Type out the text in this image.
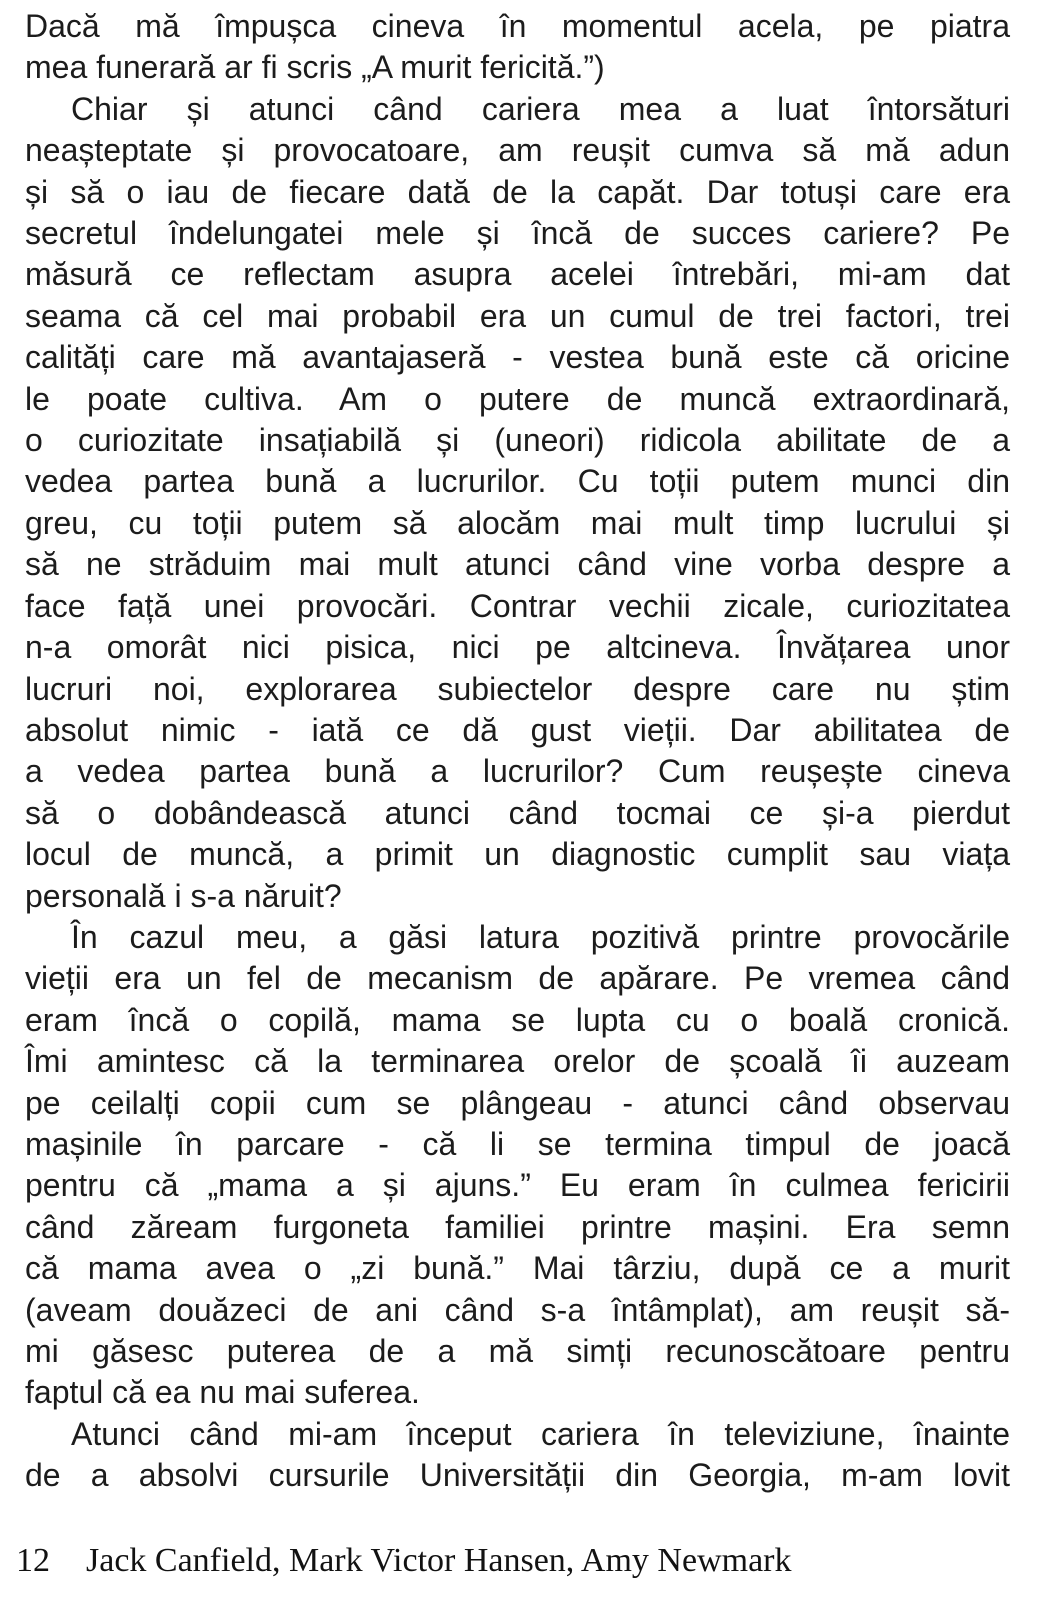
Dacă mă împușca cineva în momentul acela, pe piatra
mea funerară ar fi scris „A murit fericită.”)
Chiar și atunci când cariera mea a luat întorsături
neașteptate și provocatoare, am reușit cumva să mă adun
și să o iau de fiecare dată de la capăt. Dar totuși care era
secretul îndelungatei mele și încă de succes cariere? Pe
măsură ce reflectam asupra acelei întrebări, mi-am dat
seama că cel mai probabil era un cumul de trei factori, trei
calități care mă avantajaseră - vestea bună este că oricine
le poate cultiva. Am o putere de muncă extraordinară,
o curiozitate insațiabilă și (uneori) ridicola abilitate de a
vedea partea bună a lucrurilor. Cu toții putem munci din
greu, cu toții putem să alocăm mai mult timp lucrului și
să ne străduim mai mult atunci când vine vorba despre a
face față unei provocări. Contrar vechii zicale, curiozitatea
n-a omorât nici pisica, nici pe altcineva. Învățarea unor
lucruri noi, explorarea subiectelor despre care nu știm
absolut nimic - iată ce dă gust vieții. Dar abilitatea de
a vedea partea bună a lucrurilor? Cum reușește cineva
să o dobândească atunci când tocmai ce și-a pierdut
locul de muncă, a primit un diagnostic cumplit sau viața
personală i s-a năruit?
În cazul meu, a găsi latura pozitivă printre provocările
vieții era un fel de mecanism de apărare. Pe vremea când
eram încă o copilă, mama se lupta cu o boală cronică.
Îmi amintesc că la terminarea orelor de școală îi auzeam
pe ceilalți copii cum se plângeau - atunci când observau
mașinile în parcare - că li se termina timpul de joacă
pentru că „mama a și ajuns.” Eu eram în culmea fericirii
când zăream furgoneta familiei printre mașini. Era semn
că mama avea o „zi bună.” Mai târziu, după ce a murit
(aveam douăzeci de ani când s-a întâmplat), am reușit să-
mi găsesc puterea de a mă simți recunoscătoare pentru
faptul că ea nu mai suferea.
Atunci când mi-am început cariera în televiziune, înainte
de a absolvi cursurile Universității din Georgia, m-am lovit
12 Jack Canfield, Mark Victor Hansen, Amy Newmark
